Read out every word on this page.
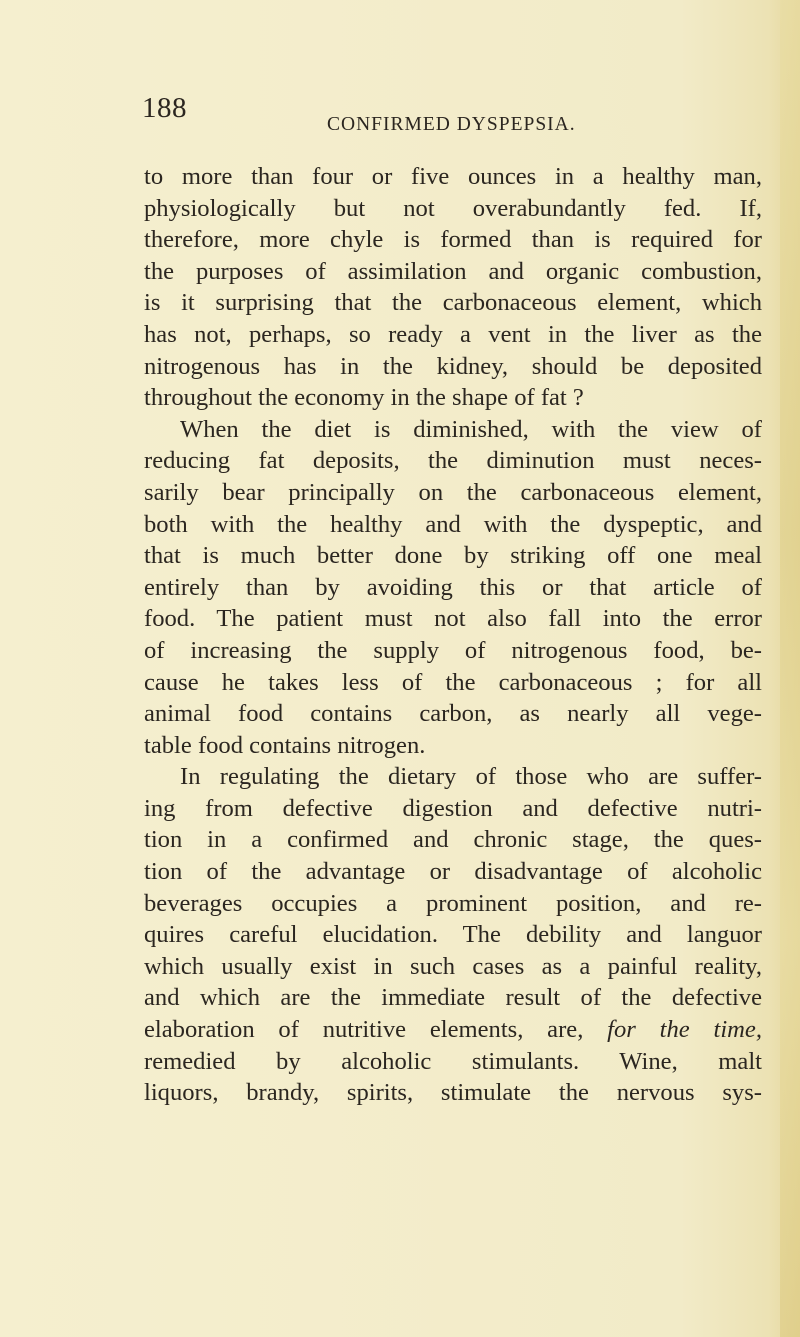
188
CONFIRMED DYSPEPSIA.
to more than four or five ounces in a healthy man,
physiologically but not overabundantly fed. If,
therefore, more chyle is formed than is required for
the purposes of assimilation and organic combustion,
is it surprising that the carbonaceous element, which
has not, perhaps, so ready a vent in the liver as the
nitrogenous has in the kidney, should be deposited
throughout the economy in the shape of fat ?
When the diet is diminished, with the view of
reducing fat deposits, the diminution must neces-
sarily bear principally on the carbonaceous element,
both with the healthy and with the dyspeptic, and
that is much better done by striking off one meal
entirely than by avoiding this or that article of
food. The patient must not also fall into the error
of increasing the supply of nitrogenous food, be-
cause he takes less of the carbonaceous ; for all
animal food contains carbon, as nearly all vege-
table food contains nitrogen.
In regulating the dietary of those who are suffer-
ing from defective digestion and defective nutri-
tion in a confirmed and chronic stage, the ques-
tion of the advantage or disadvantage of alcoholic
beverages occupies a prominent position, and re-
quires careful elucidation. The debility and languor
which usually exist in such cases as a painful reality,
and which are the immediate result of the defective
elaboration of nutritive elements, are, for the time,
remedied by alcoholic stimulants. Wine, malt
liquors, brandy, spirits, stimulate the nervous sys-
